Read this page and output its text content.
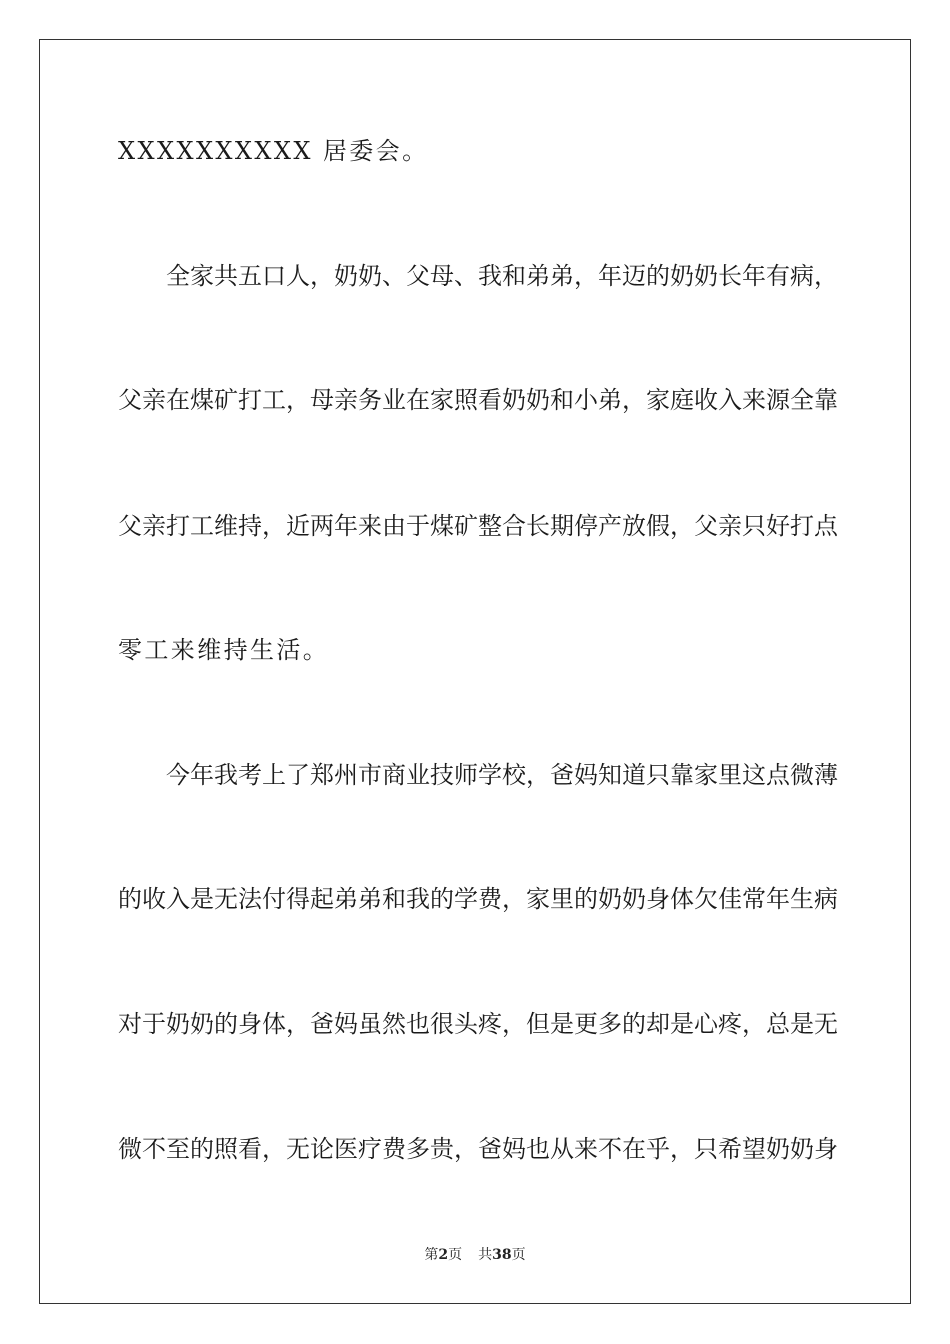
XXXXXXXXXX 居委会。
　　全家共五口人，奶奶、父母、我和弟弟，年迈的奶奶长年有病，
父亲在煤矿打工，母亲务业在家照看奶奶和小弟，家庭收入来源全靠
父亲打工维持，近两年来由于煤矿整合长期停产放假，父亲只好打点
零工来维持生活。
　　今年我考上了郑州市商业技师学校，爸妈知道只靠家里这点微薄
的收入是无法付得起弟弟和我的学费，家里的奶奶身体欠佳常年生病
对于奶奶的身体，爸妈虽然也很头疼，但是更多的却是心疼，总是无
微不至的照看，无论医疗费多贵，爸妈也从来不在乎，只希望奶奶身
第2页 共38页
